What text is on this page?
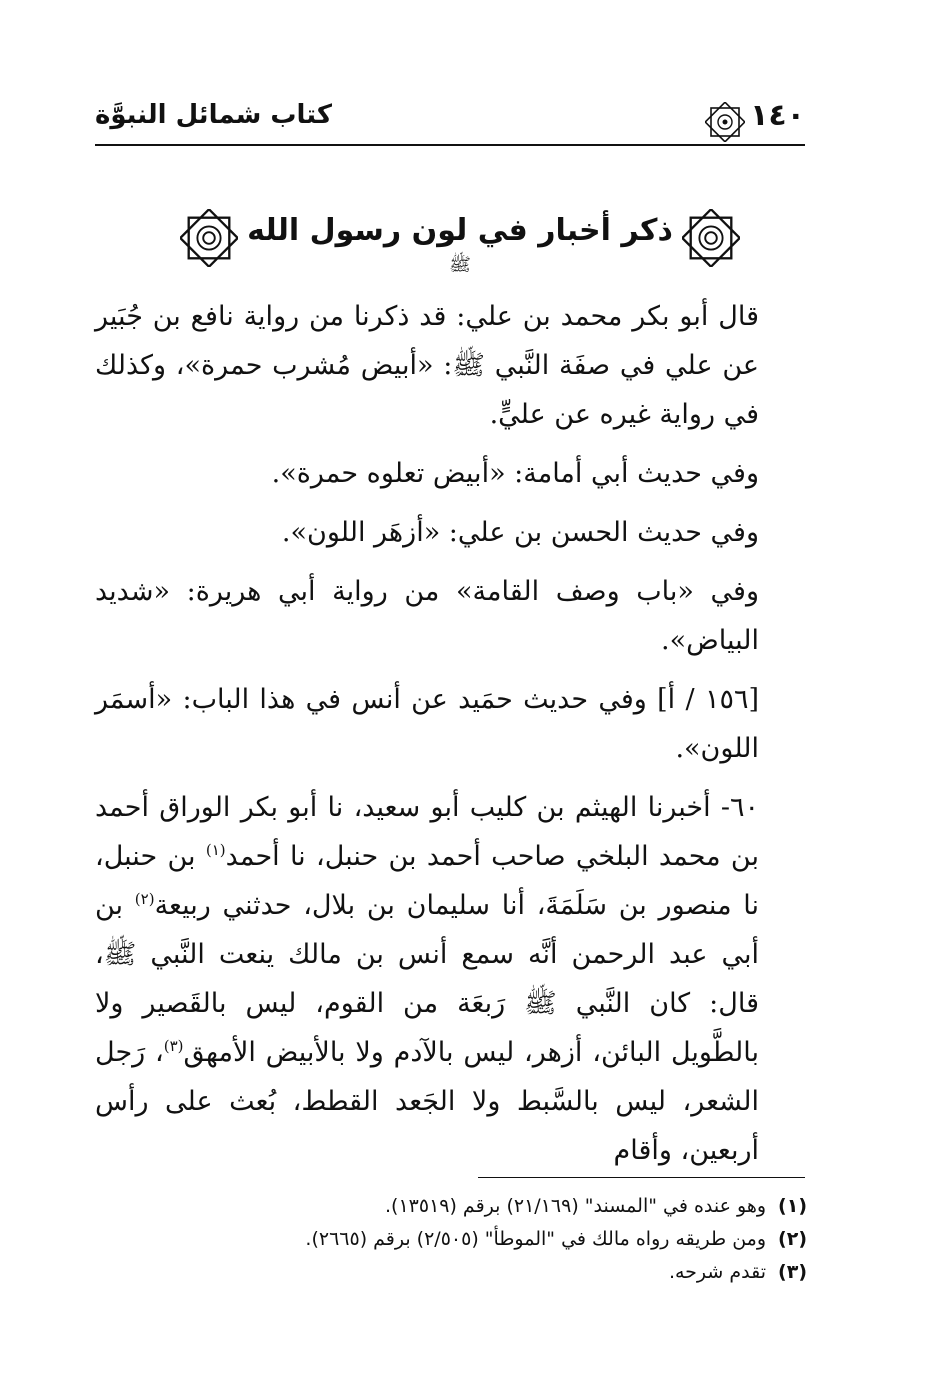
١٤٠
كتاب شمائل النبوَّة
ذكر أخبار في لون رسول الله ﷺ

قال أبو بكر محمد بن علي: قد ذكرنا من رواية نافع بن جُبَير عن علي في صفَة النَّبي ﷺ: «أبيض مُشرب حمرة»، وكذلك في رواية غيره عن عليٍّ.

وفي حديث أبي أمامة: «أبيض تعلوه حمرة».

وفي حديث الحسن بن علي: «أزهَر اللون».

وفي «باب وصف القامة» من رواية أبي هريرة: «شديد البياض».

[١٥٦ / أ] وفي حديث حمَيد عن أنس في هذا الباب: «أسمَر اللون».

٦٠- أخبرنا الهيثم بن كليب أبو سعيد، نا أبو بكر الوراق أحمد بن محمد البلخي صاحب أحمد بن حنبل، نا أحمد$^{(١)}$ بن حنبل، نا منصور بن سَلَمَةَ، أنا سليمان بن بلال، حدثني ربيعة$^{(٢)}$ بن أبي عبد الرحمن أنَّه سمع أنس بن مالك ينعت النَّبي ﷺ، قال: كان النَّبي ﷺ رَبعَة من القوم، ليس بالقَصير ولا بالطَّويل البائن، أزهر، ليس بالآدم ولا بالأبيض الأمهق$^{(٣)}$، رَجل الشعر، ليس بالسَّبط ولا الجَعد القطط، بُعث على رأس أربعين، وأقام

(١)وهو عنده في "المسند" (٢١/١٦٩) برقم (١٣٥١٩).
(٢)ومن طريقه رواه مالك في "الموطأ" (٢/٥٠٥) برقم (٢٦٦٥).
(٣)تقدم شرحه.
